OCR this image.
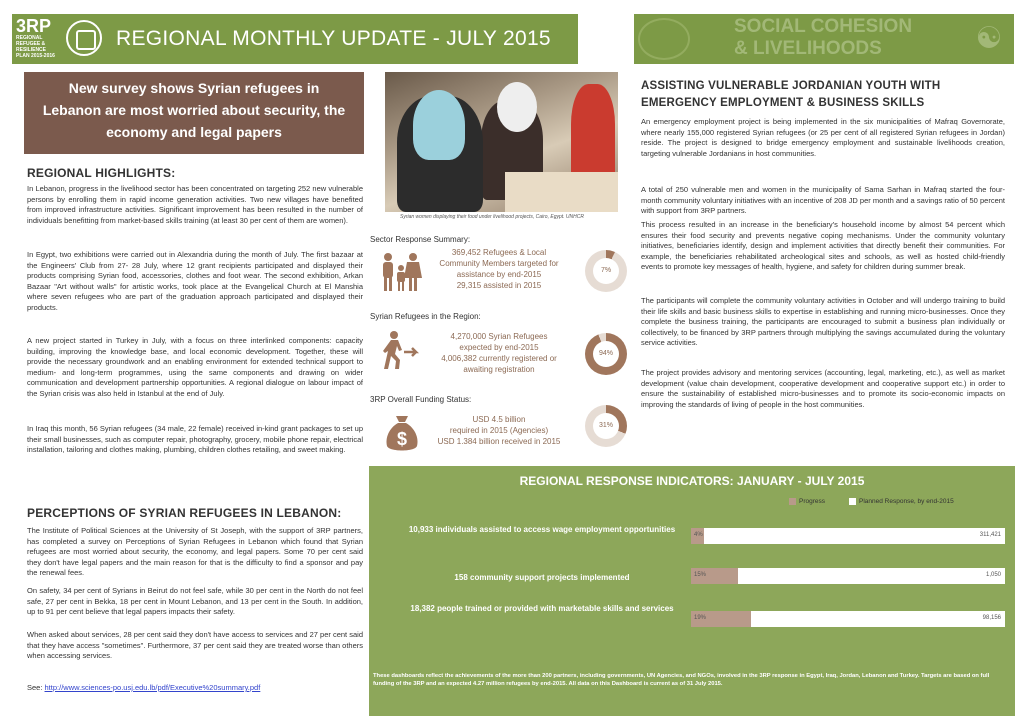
3RP
REGIONAL REFUGEE & RESILIENCE PLAN 2015-2016
REGIONAL MONTHLY UPDATE - JULY 2015
SOCIAL COHESION
& LIVELIHOODS	☯
New survey shows Syrian refugees in Lebanon are most worried about security, the economy and legal papers
Syrian women displaying their food under livelihood projects, Cairo, Egypt. UNHCR
REGIONAL HIGHLIGHTS:
In Lebanon, progress in the livelihood sector has been concentrated on targeting 252 new vulnerable persons by enrolling them in rapid income generation activities. Two new villages have benefited from improved infrastructure activities. Significant improvement has been resulted in the number of individuals benefitting from market-based skills training (at least 30 per cent of them are women).
In Egypt, two exhibitions were carried out in Alexandria during the month of July. The first bazaar at the Engineers' Club from 27- 28 July, where 12 grant recipients participated and displayed their products comprising Syrian food, accessories, clothes and foot wear. The second exhibition, Arkan Bazaar "Art without walls" for artistic works, took place at the Evangelical Church at El Manshia where seven refugees who are part of the graduation approach participated and displayed their products.
A new project started in Turkey in July, with a focus on three interlinked components: capacity building, improving the knowledge base, and local economic development. Together, these will provide the necessary groundwork and an enabling environment for extended technical support to medium- and long-term programmes, using the same components and drawing on wider communication and development partnership opportunities. A regional dialogue on labour impact of the Syrian crisis was also held in Istanbul at the end of July.
In Iraq this month, 56 Syrian refugees (34 male, 22 female) received in-kind grant packages to set up their small businesses, such as computer repair, photography, grocery, mobile phone repair, electrical installation, tailoring and clothes making, plumbing, children clothes retailing, and sweet making.
PERCEPTIONS OF SYRIAN REFUGEES IN LEBANON:
The Institute of Political Sciences at the University of St Joseph, with the support of 3RP partners, has completed a survey on Perceptions of Syrian Refugees in Lebanon which found that Syrian refugees are most worried about security, the economy, and legal papers. Some 70 per cent said they don't have legal papers and the main reason for that is the difficulty to find a sponsor and pay the renewal fees.
On safety, 34 per cent of Syrians in Beirut do not feel safe, while 30 per cent in the North do not feel safe, 27 per cent in Bekka, 18 per cent in Mount Lebanon, and 13 per cent in the South. In addition, up to 91 per cent believe that legal papers impacts their safety.
When asked about services, 28 per cent said they don't have access to services and 27 per cent said that they have access "sometimes". Furthermore, 37 per cent said they are treated worse than others when accessing services.
See: http://www.sciences-po.usj.edu.lb/pdf/Executive%20summary.pdf
Sector Response Summary:
369,452 Refugees & Local
Community Members targeted for
assistance by end-2015
29,315 assisted in 2015
7%
Syrian Refugees in the Region:
4,270,000 Syrian Refugees
expected by end-2015
4,006,382 currently registered or
awaiting registration
94%
3RP Overall Funding Status:
$
USD 4.5 billion
required in 2015 (Agencies)
USD 1.384 billion received in 2015
31%
ASSISTING VULNERABLE JORDANIAN YOUTH WITH
EMERGENCY EMPLOYMENT & BUSINESS SKILLS
An emergency employment project is being implemented in the six municipalities of Mafraq Governorate, where nearly 155,000 registered Syrian refugees (or 25 per cent of all registered Syrian refugees in Jordan) reside. The project is designed to bridge emergency employment and sustainable livelihoods creation, targeting vulnerable Jordanians in host communities.
A total of 250 vulnerable men and women in the municipality of Sama Sarhan in Mafraq started the four-month community voluntary initiatives with an incentive of 208 JD per month and a savings ratio of 50 percent with support from 3RP partners.
This process resulted in an increase in the beneficiary's household income by almost 54 percent which ensures their food security and prevents negative coping mechanisms. Under the community voluntary initiatives, beneficiaries identify, design and implement activities that directly benefit their communities. For example, the beneficiaries rehabilitated archeological sites and schools, as well as hosted child-friendly events to promote key messages of health, hygiene, and safety for children during summer break.
The participants will complete the community voluntary activities in October and will undergo training to build their life skills and basic business skills to expertise in establishing and running micro-businesses. Once they complete the business training, the participants are encouraged to submit a business plan individually or collectively, to be financed by 3RP partners through multiplying the savings accumulated during the voluntary service activities.
The project provides advisory and mentoring services (accounting, legal, marketing, etc.), as well as market development (value chain development, cooperative development and cooperative support etc.) in order to ensure the sustainability of established micro-businesses and to promote its socio-economic impacts on improving the standards of living of people in the host communities.
REGIONAL RESPONSE INDICATORS: JANUARY - JULY 2015
Progress	Planned Response, by end-2015
10,933 individuals assisted to access wage employment opportunities
4%	311,421
158 community support projects implemented	15%	1,050
18,382 people trained or provided with marketable skills and services
19%	98,156
These dashboards reflect the achievements of the more than 200 partners, including governments, UN Agencies, and NGOs, involved in the 3RP response in Egypt, Iraq, Jordan, Lebanon and Turkey. Targets are based on full funding of the 3RP and an expected 4.27 million refugees by end-2015. All data on this Dashboard is current as of 31 July 2015.
